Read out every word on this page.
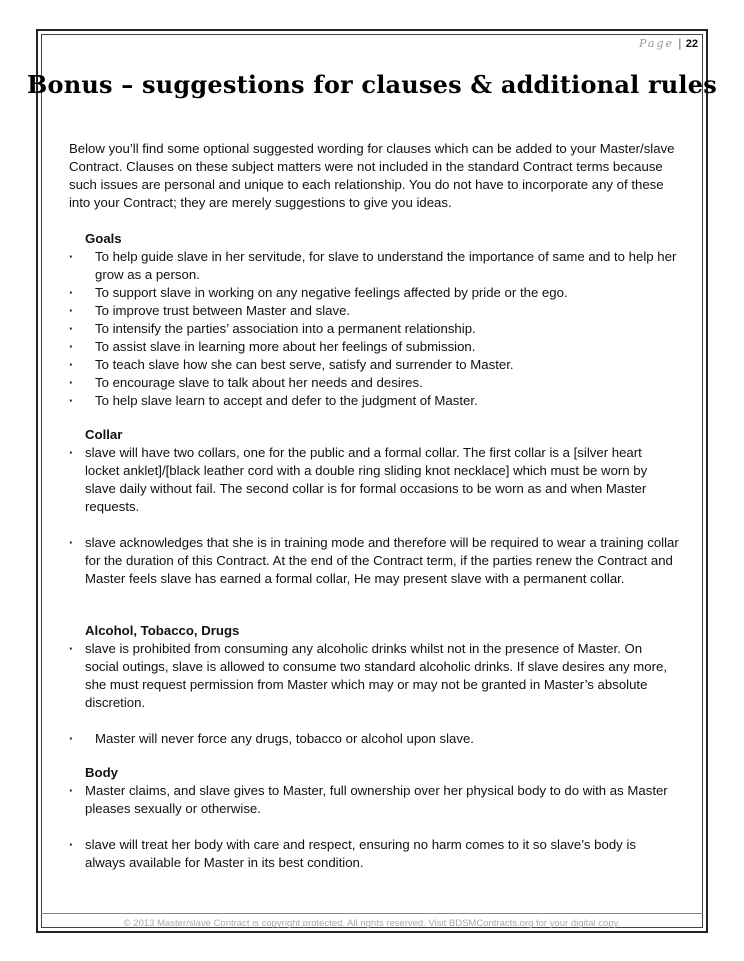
Page | 22
Bonus – suggestions for clauses & additional rules
Below you’ll find some optional suggested wording for clauses which can be added to your Master/slave Contract. Clauses on these subject matters were not included in the standard Contract terms because such issues are personal and unique to each relationship. You do not have to incorporate any of these into your Contract; they are merely suggestions to give you ideas.
Goals
· To help guide slave in her servitude, for slave to understand the importance of same and to help her grow as a person.
· To support slave in working on any negative feelings affected by pride or the ego.
· To improve trust between Master and slave.
· To intensify the parties’ association into a permanent relationship.
· To assist slave in learning more about her feelings of submission.
· To teach slave how she can best serve, satisfy and surrender to Master.
· To encourage slave to talk about her needs and desires.
· To help slave learn to accept and defer to the judgment of Master.
Collar
· slave will have two collars, one for the public and a formal collar. The first collar is a [silver heart locket anklet]/[black leather cord with a double ring sliding knot necklace] which must be worn by slave daily without fail. The second collar is for formal occasions to be worn as and when Master requests.
· slave acknowledges that she is in training mode and therefore will be required to wear a training collar for the duration of this Contract. At the end of the Contract term, if the parties renew the Contract and Master feels slave has earned a formal collar, He may present slave with a permanent collar.
Alcohol, Tobacco, Drugs
· slave is prohibited from consuming any alcoholic drinks whilst not in the presence of Master. On social outings, slave is allowed to consume two standard alcoholic drinks. If slave desires any more, she must request permission from Master which may or may not be granted in Master’s absolute discretion.
· Master will never force any drugs, tobacco or alcohol upon slave.
Body
· Master claims, and slave gives to Master, full ownership over her physical body to do with as Master pleases sexually or otherwise.
· slave will treat her body with care and respect, ensuring no harm comes to it so slave’s body is always available for Master in its best condition.
© 2013 Master/slave Contract is copyright protected. All rights reserved. Visit BDSMContracts.org for your digital copy.
